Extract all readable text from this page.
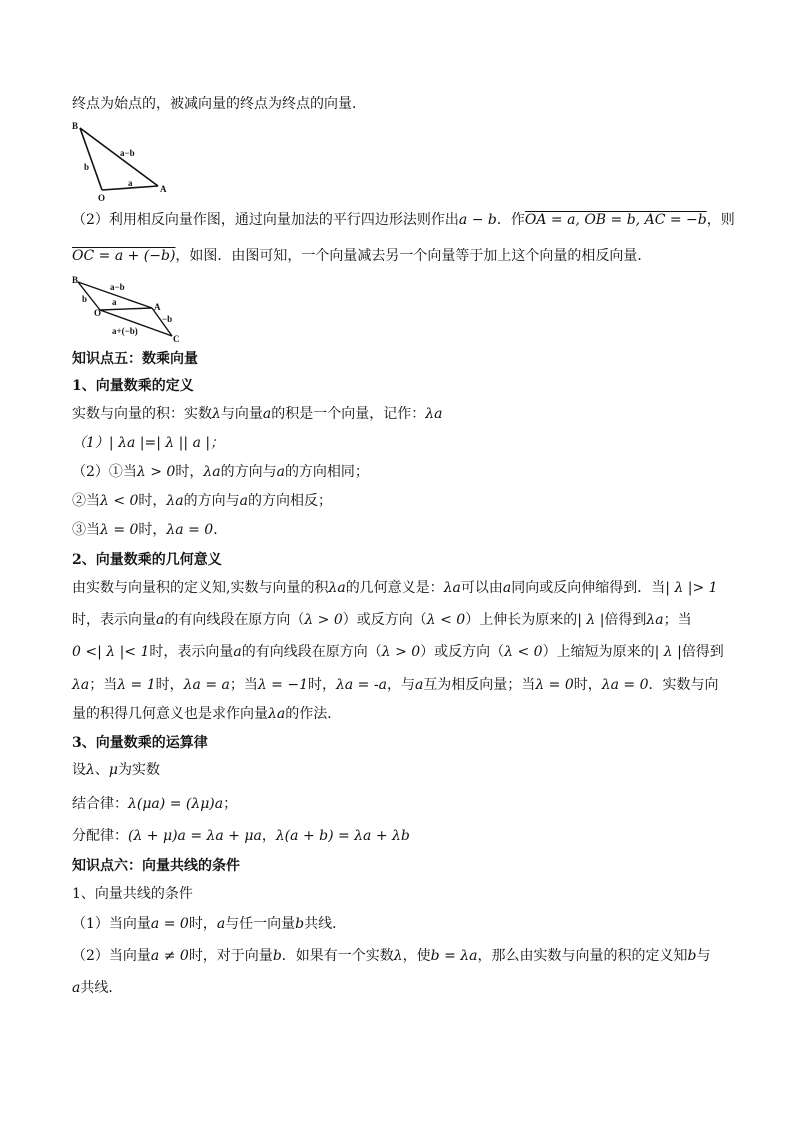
终点为始点的，被减向量的终点为终点的向量．
B
O
A
a−b
b
a
（2）利用相反向量作图，通过向量加法的平行四边形法则作出a − b．作OA = a, OB = b, AC = −b，则
OC = a + (−b)，如图．由图可知，一个向量减去另一个向量等于加上这个向量的相反向量．
B
O
A
C
a−b
b	a
−b
a+(−b)
知识点五：数乘向量
1、向量数乘的定义
实数与向量的积：实数λ与向量a的积是一个向量，记作：λa
（1）| λa |=| λ || a |；
（2）①当λ > 0时，λa的方向与a的方向相同；
②当λ < 0时，λa的方向与a的方向相反；
③当λ = 0时，λa = 0．
2、向量数乘的几何意义
由实数与向量积的定义知,实数与向量的积λa的几何意义是：λa可以由a同向或反向伸缩得到．当| λ |> 1
时，表示向量a的有向线段在原方向（λ > 0）或反方向（λ < 0）上伸长为原来的| λ |倍得到λa；当
0 <| λ |< 1时，表示向量a的有向线段在原方向（λ > 0）或反方向（λ < 0）上缩短为原来的| λ |倍得到
λa；当λ = 1时，λa = a；当λ = −1时，λa = -a，与a互为相反向量；当λ = 0时，λa = 0．实数与向
量的积得几何意义也是求作向量λa的作法．
3、向量数乘的运算律
设λ、μ为实数
结合律：λ(μa) = (λμ)a；
分配律：(λ + μ)a = λa + μa，λ(a + b) = λa + λb
知识点六：向量共线的条件
1、向量共线的条件
（1）当向量a = 0时，a与任一向量b共线．
（2）当向量a ≠ 0时，对于向量b．如果有一个实数λ，使b = λa，那么由实数与向量的积的定义知b与
a共线．
